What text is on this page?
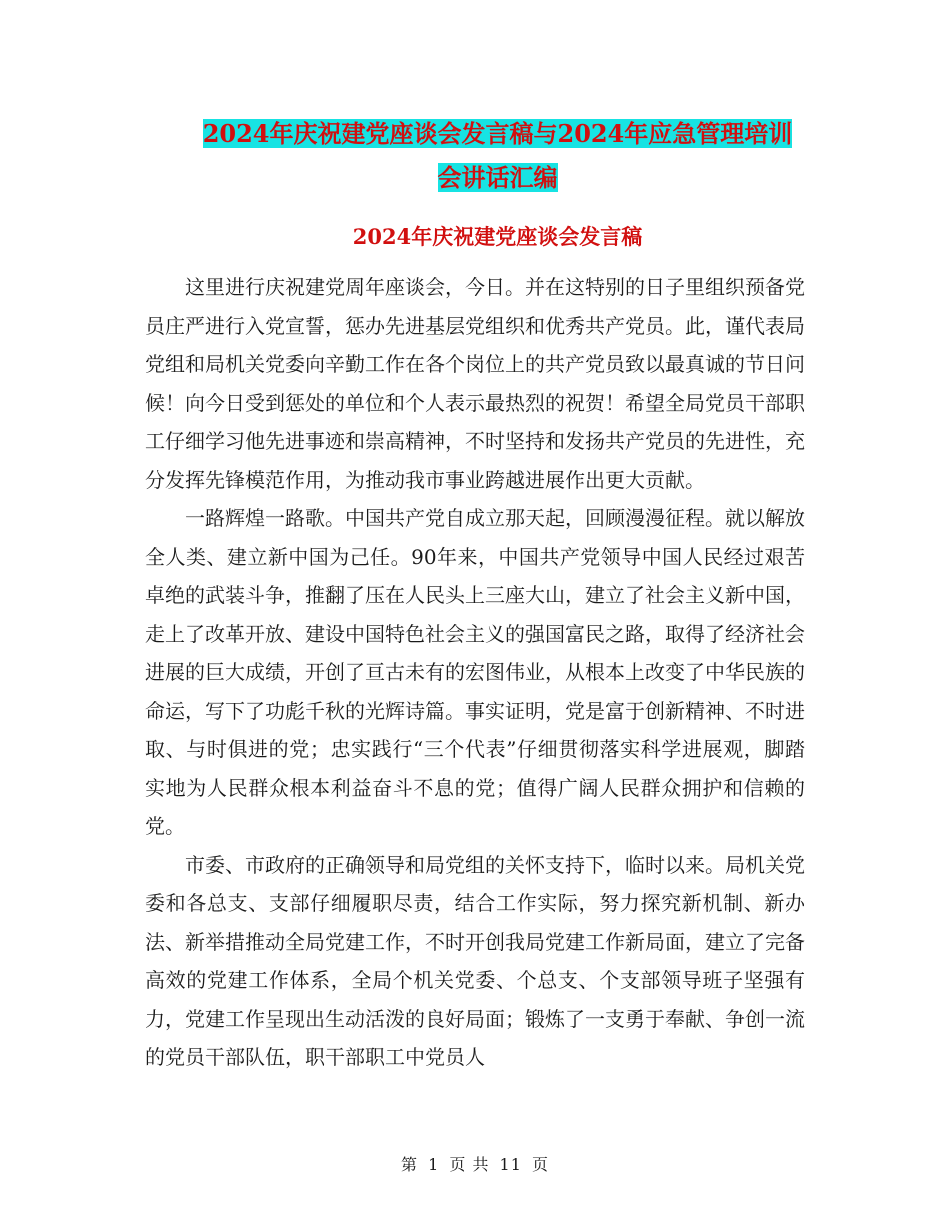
2024年庆祝建党座谈会发言稿与2024年应急管理培训
会讲话汇编
2024年庆祝建党座谈会发言稿

这里进行庆祝建党周年座谈会，今日。并在这特别的日子里组织预备党员庄严进行入党宣誓，惩办先进基层党组织和优秀共产党员。此，谨代表局党组和局机关党委向辛勤工作在各个岗位上的共产党员致以最真诚的节日问候！向今日受到惩处的单位和个人表示最热烈的祝贺！希望全局党员干部职工仔细学习他先进事迹和崇高精神，不时坚持和发扬共产党员的先进性，充分发挥先锋模范作用，为推动我市事业跨越进展作出更大贡献。

一路辉煌一路歌。中国共产党自成立那天起，回顾漫漫征程。就以解放全人类、建立新中国为己任。90年来，中国共产党领导中国人民经过艰苦卓绝的武装斗争，推翻了压在人民头上三座大山，建立了社会主义新中国，走上了改革开放、建设中国特色社会主义的强国富民之路，取得了经济社会进展的巨大成绩，开创了亘古未有的宏图伟业，从根本上改变了中华民族的命运，写下了功彪千秋的光辉诗篇。事实证明，党是富于创新精神、不时进取、与时俱进的党；忠实践行“三个代表”仔细贯彻落实科学进展观，脚踏实地为人民群众根本利益奋斗不息的党；值得广阔人民群众拥护和信赖的党。

市委、市政府的正确领导和局党组的关怀支持下，临时以来。局机关党委和各总支、支部仔细履职尽责，结合工作实际，努力探究新机制、新办法、新举措推动全局党建工作，不时开创我局党建工作新局面，建立了完备高效的党建工作体系，全局个机关党委、个总支、个支部领导班子坚强有力，党建工作呈现出生动活泼的良好局面；锻炼了一支勇于奉献、争创一流的党员干部队伍，职干部职工中党员人

第 1 页 共 11 页
